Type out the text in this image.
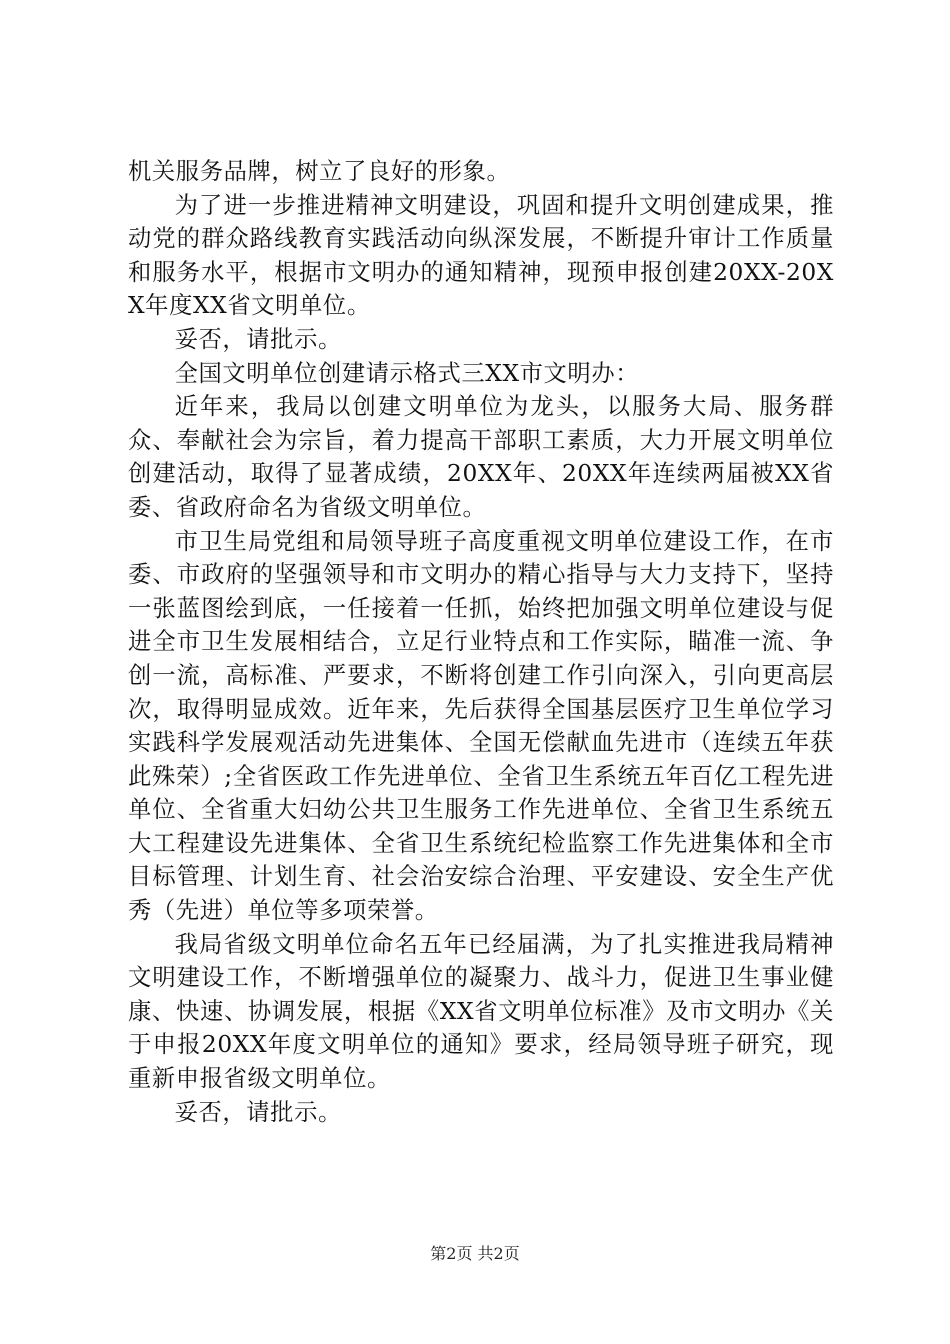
机关服务品牌，树立了良好的形象。

为了进一步推进精神文明建设，巩固和提升文明创建成果，推动党的群众路线教育实践活动向纵深发展，不断提升审计工作质量和服务水平，根据市文明办的通知精神，现预申报创建20XX-20XX年度XX省文明单位。

妥否，请批示。

全国文明单位创建请示格式三XX市文明办：

近年来，我局以创建文明单位为龙头，以服务大局、服务群众、奉献社会为宗旨，着力提高干部职工素质，大力开展文明单位创建活动，取得了显著成绩，20XX年、20XX年连续两届被XX省委、省政府命名为省级文明单位。

市卫生局党组和局领导班子高度重视文明单位建设工作，在市委、市政府的坚强领导和市文明办的精心指导与大力支持下，坚持一张蓝图绘到底，一任接着一任抓，始终把加强文明单位建设与促进全市卫生发展相结合，立足行业特点和工作实际，瞄准一流、争创一流，高标准、严要求，不断将创建工作引向深入，引向更高层次，取得明显成效。近年来，先后获得全国基层医疗卫生单位学习实践科学发展观活动先进集体、全国无偿献血先进市（连续五年获此殊荣）;全省医政工作先进单位、全省卫生系统五年百亿工程先进单位、全省重大妇幼公共卫生服务工作先进单位、全省卫生系统五大工程建设先进集体、全省卫生系统纪检监察工作先进集体和全市目标管理、计划生育、社会治安综合治理、平安建设、安全生产优秀（先进）单位等多项荣誉。

我局省级文明单位命名五年已经届满，为了扎实推进我局精神文明建设工作，不断增强单位的凝聚力、战斗力，促进卫生事业健康、快速、协调发展，根据《XX省文明单位标准》及市文明办《关于申报20XX年度文明单位的通知》要求，经局领导班子研究，现重新申报省级文明单位。

妥否，请批示。

第2页 共2页
